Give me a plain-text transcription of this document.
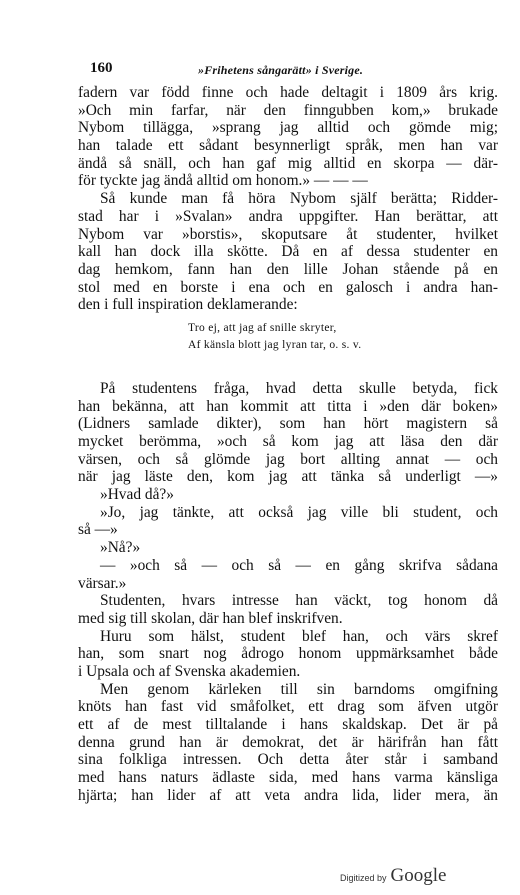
160	»Frihetens sångarätt» i Sverige.
fadern var född finne och hade deltagit i 1809 års krig.
»Och min farfar, när den finngubben kom,» brukade
Nybom tillägga, »sprang jag alltid och gömde mig;
han talade ett sådant besynnerligt språk, men han var
ändå så snäll, och han gaf mig alltid en skorpa — där-
för tyckte jag ändå alltid om honom.» — — —
Så kunde man få höra Nybom själf berätta; Ridder-
stad har i »Svalan» andra uppgifter. Han berättar, att
Nybom var »borstis», skoputsare åt studenter, hvilket
kall han dock illa skötte. Då en af dessa studenter en
dag hemkom, fann han den lille Johan stående på en
stol med en borste i ena och en galosch i andra han-
den i full inspiration deklamerande:
Tro ej, att jag af snille skryter,
Af känsla blott jag lyran tar, o. s. v.
På studentens fråga, hvad detta skulle betyda, fick
han bekänna, att han kommit att titta i »den där boken»
(Lidners samlade dikter), som han hört magistern så
mycket berömma, »och så kom jag att läsa den där
värsen, och så glömde jag bort allting annat — och
när jag läste den, kom jag att tänka så underligt —»
»Hvad då?»
»Jo, jag tänkte, att också jag ville bli student, och
så —»
»Nå?»
— »och så — och så — en gång skrifva sådana
värsar.»
Studenten, hvars intresse han väckt, tog honom då
med sig till skolan, där han blef inskrifven.
Huru som hälst, student blef han, och värs skref
han, som snart nog ådrogo honom uppmärksamhet både
i Upsala och af Svenska akademien.
Men genom kärleken till sin barndoms omgifning
knöts han fast vid småfolket, ett drag som äfven utgör
ett af de mest tilltalande i hans skaldskap. Det är på
denna grund han är demokrat, det är härifrån han fått
sina folkliga intressen. Och detta åter står i samband
med hans naturs ädlaste sida, med hans varma känsliga
hjärta; han lider af att veta andra lida, lider mera, än
Digitized by Google
